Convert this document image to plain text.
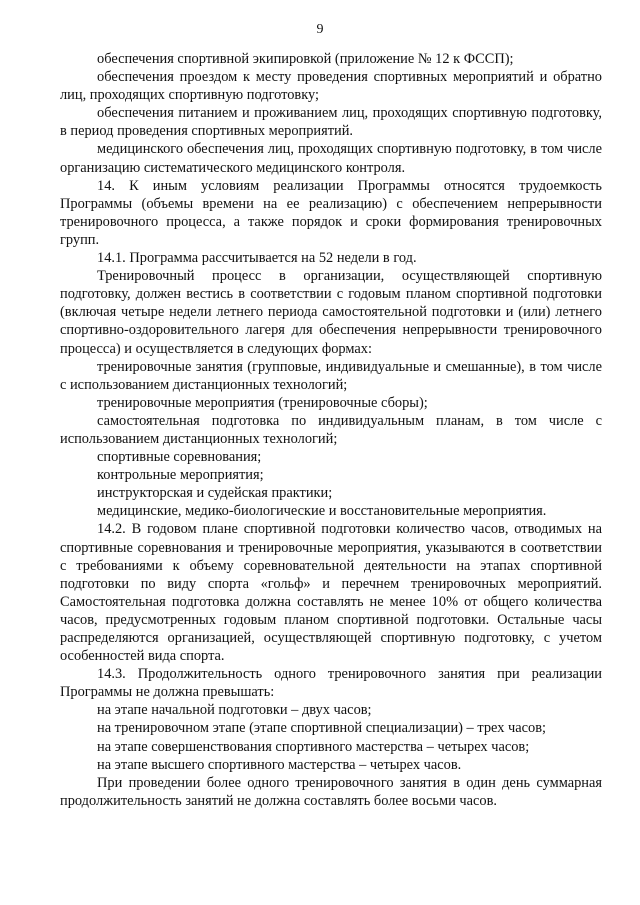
9

обеспечения спортивной экипировкой (приложение № 12 к ФССП);

обеспечения проездом к месту проведения спортивных мероприятий и обратно лиц, проходящих спортивную подготовку;

обеспечения питанием и проживанием лиц, проходящих спортивную подготовку, в период проведения спортивных мероприятий.

медицинского обеспечения лиц, проходящих спортивную подготовку, в том числе организацию систематического медицинского контроля.

14. К иным условиям реализации Программы относятся трудоемкость Программы (объемы времени на ее реализацию) с обеспечением непрерывности тренировочного процесса, а также порядок и сроки формирования тренировочных групп.

14.1. Программа рассчитывается на 52 недели в год.

Тренировочный процесс в организации, осуществляющей спортивную подготовку, должен вестись в соответствии с годовым планом спортивной подготовки (включая четыре недели летнего периода самостоятельной подготовки и (или) летнего спортивно-оздоровительного лагеря для обеспечения непрерывности тренировочного процесса) и осуществляется в следующих формах:

тренировочные занятия (групповые, индивидуальные и смешанные), в том числе с использованием дистанционных технологий;

тренировочные мероприятия (тренировочные сборы);

самостоятельная подготовка по индивидуальным планам, в том числе с использованием дистанционных технологий;

спортивные соревнования;

контрольные мероприятия;

инструкторская и судейская практики;

медицинские, медико-биологические и восстановительные мероприятия.

14.2. В годовом плане спортивной подготовки количество часов, отводимых на спортивные соревнования и тренировочные мероприятия, указываются в соответствии с требованиями к объему соревновательной деятельности на этапах спортивной подготовки по виду спорта «гольф» и перечнем тренировочных мероприятий. Самостоятельная подготовка должна составлять не менее 10% от общего количества часов, предусмотренных годовым планом спортивной подготовки. Остальные часы распределяются организацией, осуществляющей спортивную подготовку, с учетом особенностей вида спорта.

14.3. Продолжительность одного тренировочного занятия при реализации Программы не должна превышать:

на этапе начальной подготовки – двух часов;

на тренировочном этапе (этапе спортивной специализации) – трех часов;

на этапе совершенствования спортивного мастерства – четырех часов;

на этапе высшего спортивного мастерства – четырех часов.

При проведении более одного тренировочного занятия в один день суммарная продолжительность занятий не должна составлять более восьми часов.
